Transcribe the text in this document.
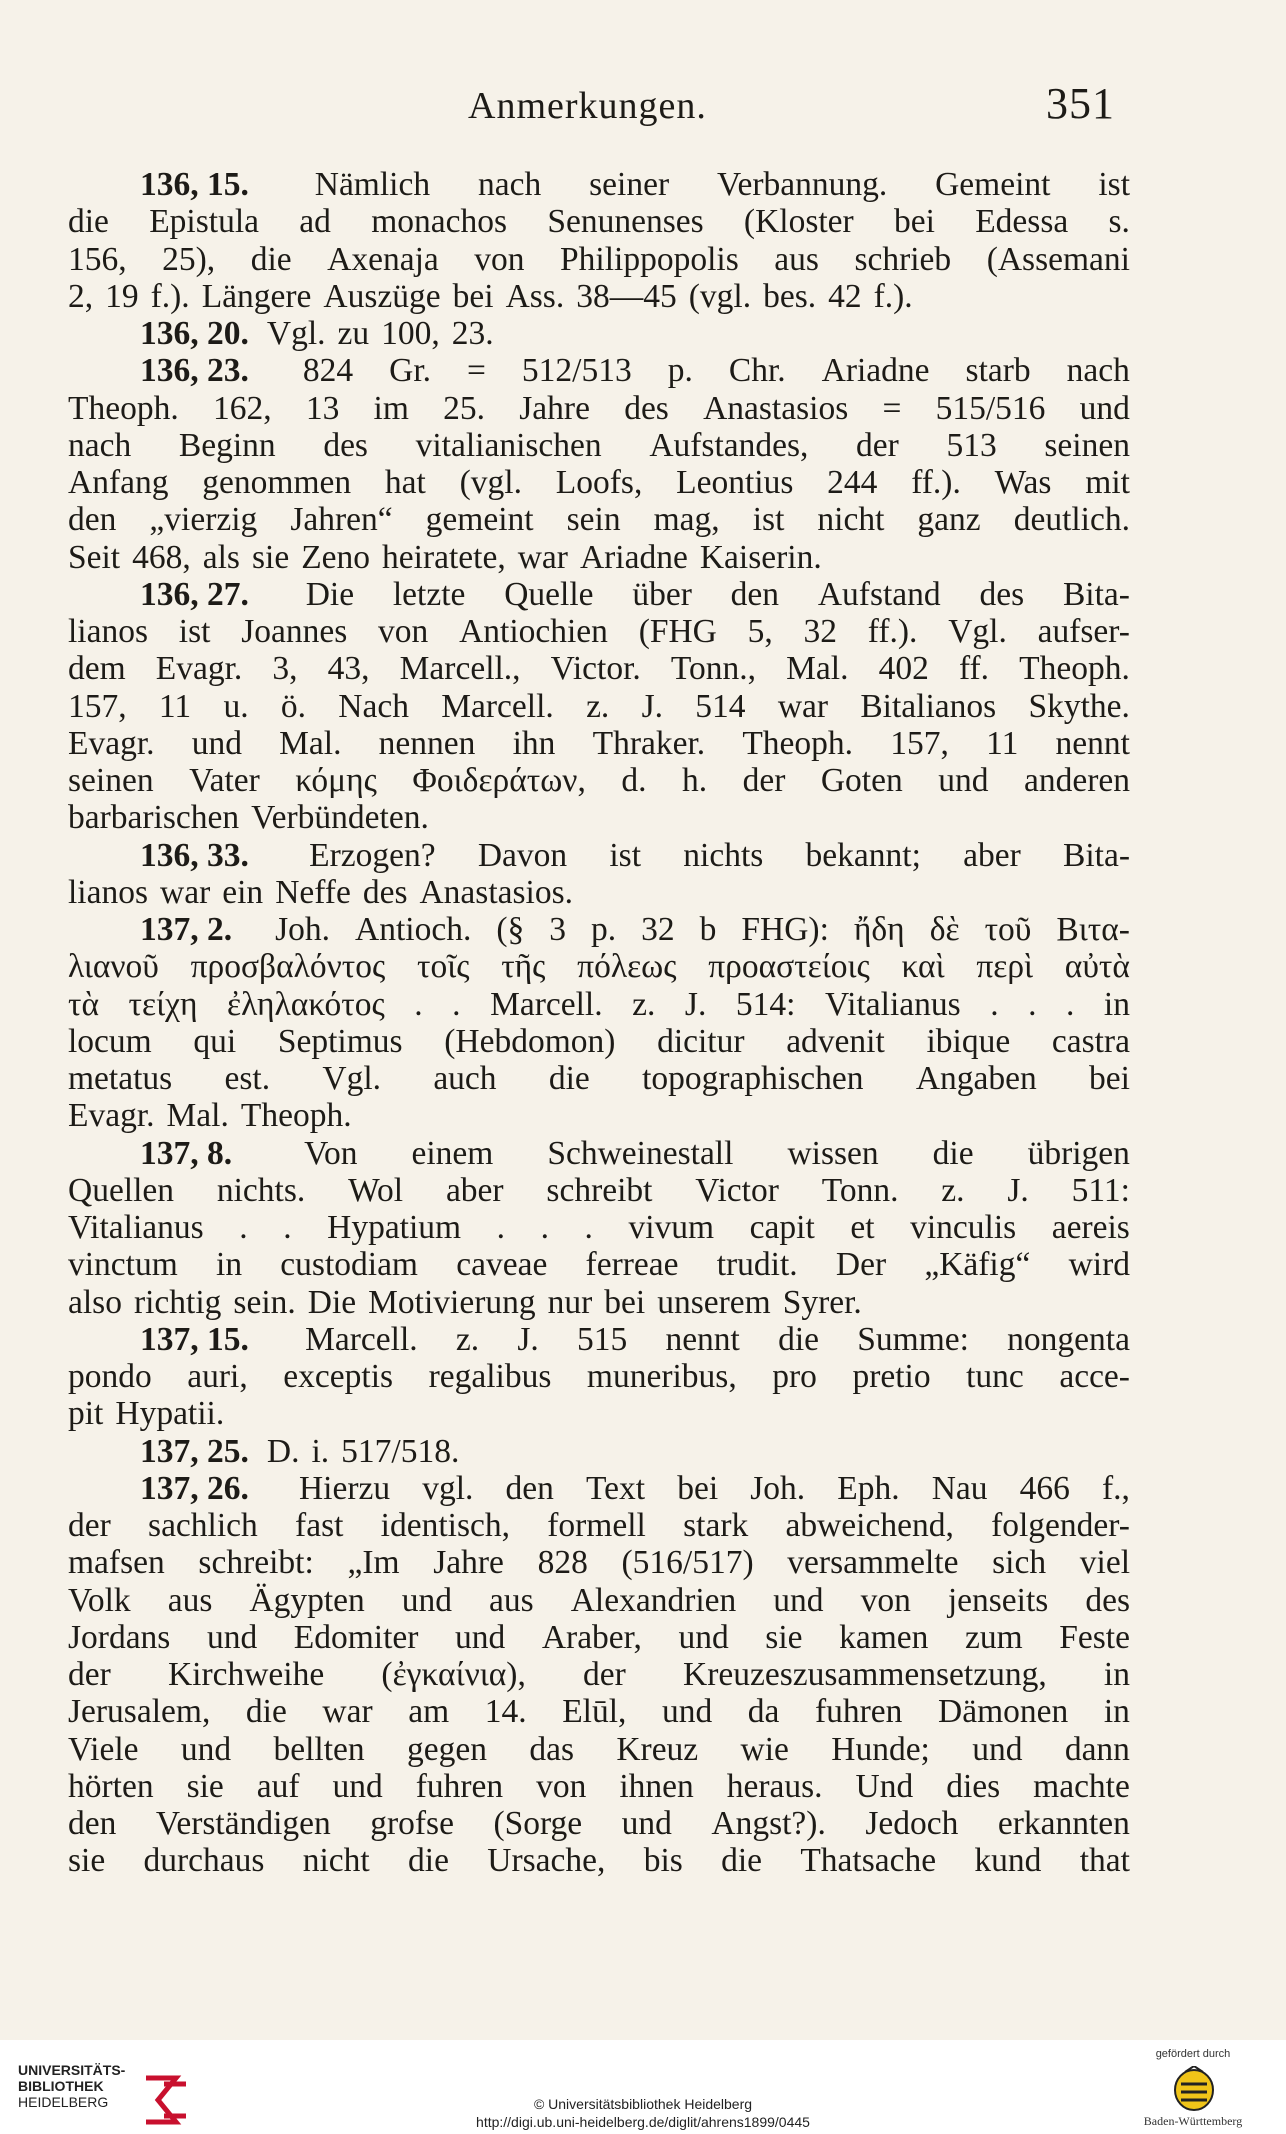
Anmerkungen.	351
136, 15. Nämlich nach seiner Verbannung. Gemeint ist
die Epistula ad monachos Senunenses (Kloster bei Edessa s.
156, 25), die Axenaja von Philippopolis aus schrieb (Assemani
2, 19 f.). Längere Auszüge bei Ass. 38—45 (vgl. bes. 42 f.).
136, 20. Vgl. zu 100, 23.
136, 23. 824 Gr. = 512/513 p. Chr. Ariadne starb nach
Theoph. 162, 13 im 25. Jahre des Anastasios = 515/516 und
nach Beginn des vitalianischen Aufstandes, der 513 seinen
Anfang genommen hat (vgl. Loofs, Leontius 244 ff.). Was mit
den „vierzig Jahren“ gemeint sein mag, ist nicht ganz deutlich.
Seit 468, als sie Zeno heiratete, war Ariadne Kaiserin.
136, 27. Die letzte Quelle über den Aufstand des Bita-
lianos ist Joannes von Antiochien (FHG 5, 32 ff.). Vgl. aufser-
dem Evagr. 3, 43, Marcell., Victor. Tonn., Mal. 402 ff. Theoph.
157, 11 u. ö. Nach Marcell. z. J. 514 war Bitalianos Skythe.
Evagr. und Mal. nennen ihn Thraker. Theoph. 157, 11 nennt
seinen Vater κόμης Φοιδεράτων, d. h. der Goten und anderen
barbarischen Verbündeten.
136, 33. Erzogen? Davon ist nichts bekannt; aber Bita-
lianos war ein Neffe des Anastasios.
137, 2. Joh. Antioch. (§ 3 p. 32 b FHG): ἤδη δὲ τοῦ Βιτα-
λιανοῦ προσβαλόντος τοῖς τῆς πόλεως προαστείοις καὶ περὶ αὐτὰ
τὰ τείχη ἐληλακότος . . Marcell. z. J. 514: Vitalianus . . . in
locum qui Septimus (Hebdomon) dicitur advenit ibique castra
metatus est. Vgl. auch die topographischen Angaben bei
Evagr. Mal. Theoph.
137, 8. Von einem Schweinestall wissen die übrigen
Quellen nichts. Wol aber schreibt Victor Tonn. z. J. 511:
Vitalianus . . Hypatium . . . vivum capit et vinculis aereis
vinctum in custodiam caveae ferreae trudit. Der „Käfig“ wird
also richtig sein. Die Motivierung nur bei unserem Syrer.
137, 15. Marcell. z. J. 515 nennt die Summe: nongenta
pondo auri, exceptis regalibus muneribus, pro pretio tunc acce-
pit Hypatii.
137, 25. D. i. 517/518.
137, 26. Hierzu vgl. den Text bei Joh. Eph. Nau 466 f.,
der sachlich fast identisch, formell stark abweichend, folgender-
mafsen schreibt: „Im Jahre 828 (516/517) versammelte sich viel
Volk aus Ägypten und aus Alexandrien und von jenseits des
Jordans und Edomiter und Araber, und sie kamen zum Feste
der Kirchweihe (ἐγκαίνια), der Kreuzeszusammensetzung, in
Jerusalem, die war am 14. Elūl, und da fuhren Dämonen in
Viele und bellten gegen das Kreuz wie Hunde; und dann
hörten sie auf und fuhren von ihnen heraus. Und dies machte
den Verständigen grofse (Sorge und Angst?). Jedoch erkannten
sie durchaus nicht die Ursache, bis die Thatsache kund that
UNIVERSITÄTS-
BIBLIOTHEK
HEIDELBERG	© Universitätsbibliothek Heidelberg
http://digi.ub.uni-heidelberg.de/diglit/ahrens1899/0445
gefördert durch
Baden-Württemberg
